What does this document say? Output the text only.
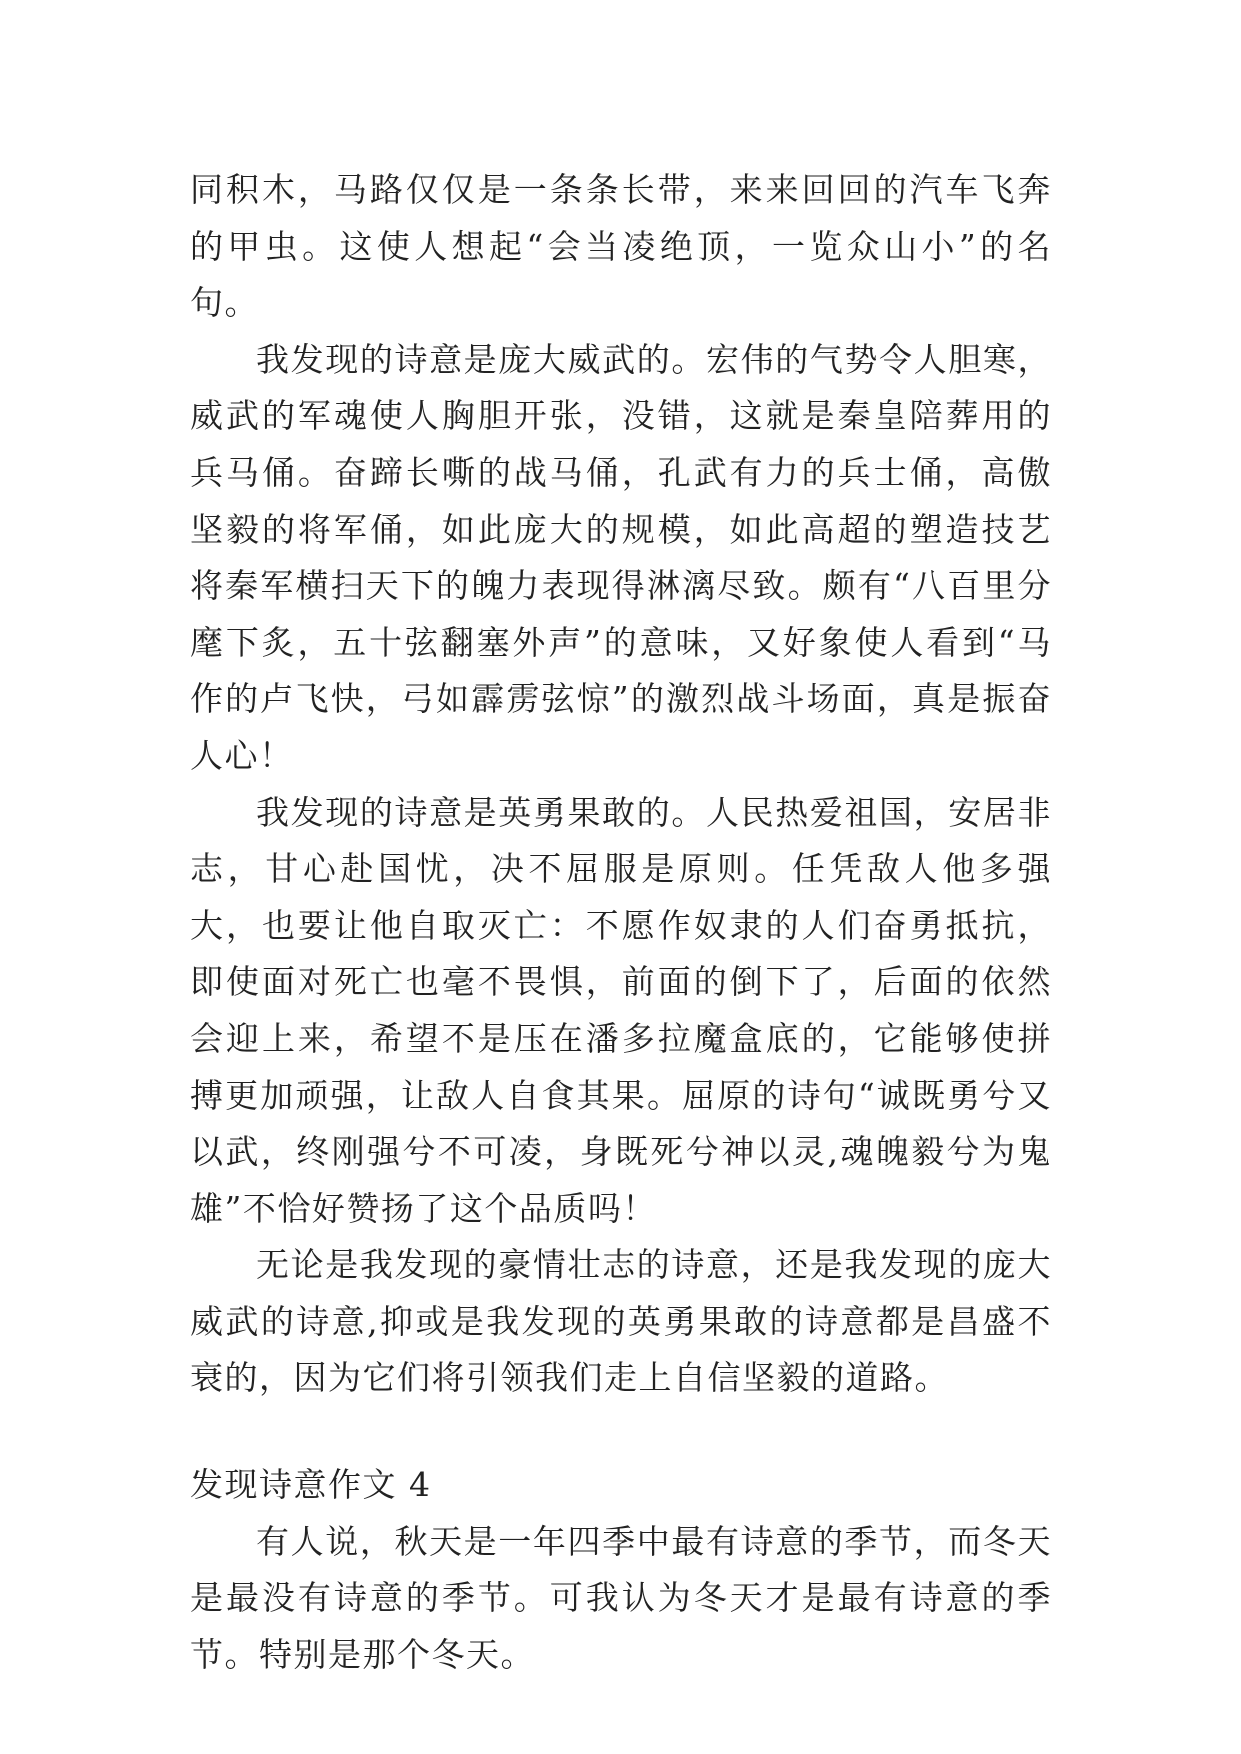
同积木，马路仅仅是一条条长带，来来回回的汽车飞奔的甲虫。这使人想起“会当凌绝顶，一览众山小”的名句。

我发现的诗意是庞大威武的。宏伟的气势令人胆寒，威武的军魂使人胸胆开张，没错，这就是秦皇陪葬用的兵马俑。奋蹄长嘶的战马俑，孔武有力的兵士俑，高傲坚毅的将军俑，如此庞大的规模，如此高超的塑造技艺将秦军横扫天下的魄力表现得淋漓尽致。颇有“八百里分麾下炙，五十弦翻塞外声”的意味，又好象使人看到“马作的卢飞快，弓如霹雳弦惊”的激烈战斗场面，真是振奋人心！

我发现的诗意是英勇果敢的。人民热爱祖国，安居非志，甘心赴国忧，决不屈服是原则。任凭敌人他多强大，也要让他自取灭亡：不愿作奴隶的人们奋勇抵抗，即使面对死亡也毫不畏惧，前面的倒下了，后面的依然会迎上来，希望不是压在潘多拉魔盒底的，它能够使拼搏更加顽强，让敌人自食其果。屈原的诗句“诚既勇兮又以武，终刚强兮不可凌，身既死兮神以灵,魂魄毅兮为鬼雄”不恰好赞扬了这个品质吗！

无论是我发现的豪情壮志的诗意，还是我发现的庞大威武的诗意,抑或是我发现的英勇果敢的诗意都是昌盛不衰的，因为它们将引领我们走上自信坚毅的道路。

发现诗意作文 4

有人说，秋天是一年四季中最有诗意的季节，而冬天是最没有诗意的季节。可我认为冬天才是最有诗意的季节。特别是那个冬天。
